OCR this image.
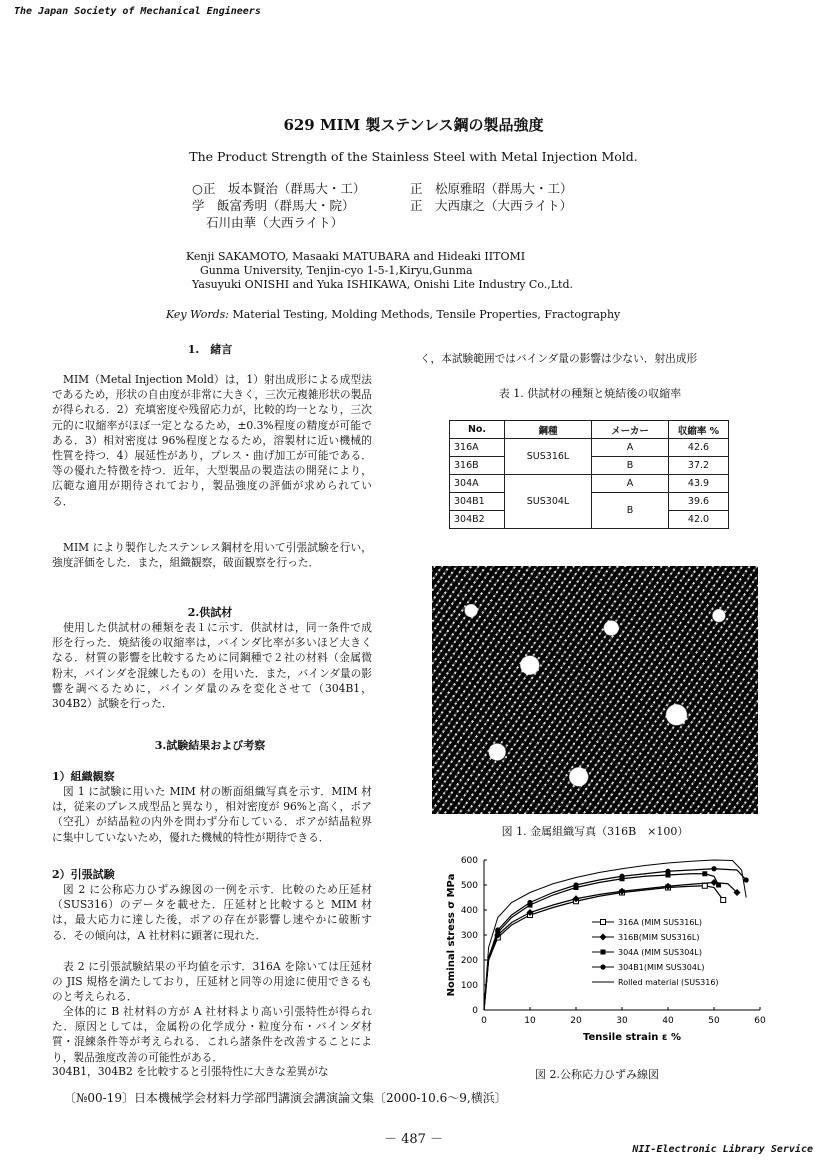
The Japan Society of Mechanical Engineers
629 MIM 製ステンレス鋼の製品強度
The Product Strength of the Stainless Steel with Metal Injection Mold.
○正　坂本賢治（群馬大・工）
学　飯富秀明（群馬大・院）
石川由華（大西ライト）
正　松原雅昭（群馬大・工）
正　大西康之（大西ライト）
Kenji SAKAMOTO, Masaaki MATUBARA and Hideaki IITOMI
Gunma University, Tenjin-cyo 1-5-1,Kiryu,Gunma
Yasuyuki ONISHI and Yuka ISHIKAWA, Onishi Lite Industry Co.,Ltd.
Key Words: Material Testing, Molding Methods, Tensile Properties, Fractography
1.　緒言
MIM（Metal Injection Mold）は，1）射出成形による成型法であるため，形状の自由度が非常に大きく，三次元複雑形状の製品が得られる．2）充填密度や残留応力が，比較的均一となり，三次元的に収縮率がほぼ一定となるため，±0.3%程度の精度が可能である．3）相対密度は 96%程度となるため，溶製材に近い機械的性質を持つ．4）展延性があり，プレス・曲げ加工が可能である．等の優れた特徴を持つ．近年，大型製品の製造法の開発により，広範な適用が期待されており，製品強度の評価が求められている．
MIM により製作したステンレス鋼材を用いて引張試験を行い，強度評価をした．また，組織観察，破面観察を行った．
2.供試材
使用した供試材の種類を表１に示す．供試材は，同一条件で成形を行った．焼結後の収縮率は，バインダ比率が多いほど大きくなる．材質の影響を比較するために同鋼種で２社の材料（金属微粉末，バインダを混練したもの）を用いた．また，バインダ量の影響を調べるために，バインダ量のみを変化させて（304B1，304B2）試験を行った．
3.試験結果および考察
1）組織観察
図 1 に試験に用いた MIM 材の断面組織写真を示す．MIM 材は，従来のプレス成型品と異なり，相対密度が 96%と高く，ポア（空孔）が結晶粒の内外を問わず分布している．ポアが結晶粒界に集中していないため，優れた機械的特性が期待できる．
2）引張試験
図 2 に公称応力ひずみ線図の一例を示す．比較のため圧延材（SUS316）のデータを載せた．圧延材と比較すると MIM 材は，最大応力に達した後，ポアの存在が影響し速やかに破断する．その傾向は，A 社材料に顕著に現れた．
表 2 に引張試験結果の平均値を示す．316A を除いては圧延材の JIS 規格を満たしており，圧延材と同等の用途に使用できるものと考えられる．
全体的に B 社材料の方が A 社材料より高い引張特性が得られた．原因としては，金属粉の化学成分・粒度分布・バインダ材質・混練条件等が考えられる．これら諸条件を改善することにより，製品強度改善の可能性がある．
304B1，304B2 を比較すると引張特性に大きな差異がな
く，本試験範囲ではバインダ量の影響は少ない．射出成形
表 1. 供試材の種類と焼結後の収縮率
No.	鋼種	メーカー	収縮率 %
316A	SUS316L	A	42.6
316B		B	37.2
304A	SUS304L	A	43.9
304B1		B	39.6
304B2			42.0
図 1. 金属組織写真（316B　×100）
0	10	20	30	40	50	60
0
100
200
300
400
500
600
Tensile strain ε %
Nominal stress σ MPa	316A (MIM SUS316L)
316B(MIM SUS316L)
304A (MIM SUS304L)
304B1(MIM SUS304L)
Rolled material (SUS316)
図 2.公称応力ひずみ線図
〔№00-19〕日本機械学会材料力学部門講演会講演論文集〔2000-10.6～9,横浜〕
－ 487 －
NII-Electronic Library Service
